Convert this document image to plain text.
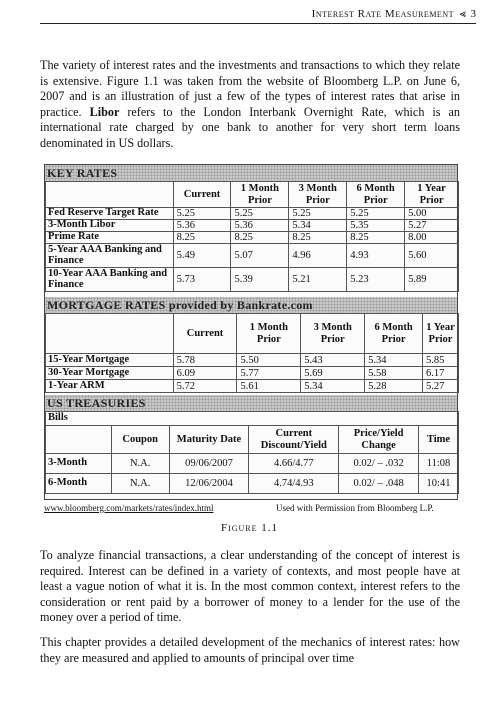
Interest Rate Measurement ⪡ 3

The variety of interest rates and the investments and transactions to which they relate is extensive. Figure 1.1 was taken from the website of Bloomberg L.P. on June 6, 2007 and is an illustration of just a few of the types of interest rates that arise in practice. Libor refers to the London Interbank Overnight Rate, which is an international rate charged by one bank to another for very short term loans denominated in US dollars.

KEY RATES
	Current	1 Month Prior	3 Month Prior	6 Month Prior	1 Year Prior
Fed Reserve Target Rate	5.25	5.25	5.25	5.25	5.00
3-Month Libor	5.36	5.36	5.34	5.35	5.27
Prime Rate	8.25	8.25	8.25	8.25	8.00
5-Year AAA Banking and Finance	5.49	5.07	4.96	4.93	5.60
10-Year AAA Banking and Finance	5.73	5.39	5.21	5.23	5.89
MORTGAGE RATES provided by Bankrate.com
	Current	1 Month Prior	3 Month Prior	6 Month Prior	1 Year Prior
15-Year Mortgage	5.78	5.50	5.43	5.34	5.85
30-Year Mortgage	6.09	5.77	5.69	5.58	6.17
1-Year ARM	5.72	5.61	5.34	5.28	5.27
US TREASURIES
Bills					
	Coupon	Maturity Date	Current Discount/Yield	Price/Yield Change	Time
3-Month	N.A.	09/06/2007	4.66/4.77	0.02/ – .032	11:08
6-Month	N.A.	12/06/2004	4.74/4.93	0.02/ – .048	10:41
www.bloomberg.com/markets/rates/index.html	Used with Permission from Bloomberg L.P.
Figure 1.1

To analyze financial transactions, a clear understanding of the concept of interest is required. Interest can be defined in a variety of contexts, and most people have at least a vague notion of what it is. In the most common context, interest refers to the consideration or rent paid by a borrower of money to a lender for the use of the money over a period of time.

This chapter provides a detailed development of the mechanics of interest rates: how they are measured and applied to amounts of principal over time
